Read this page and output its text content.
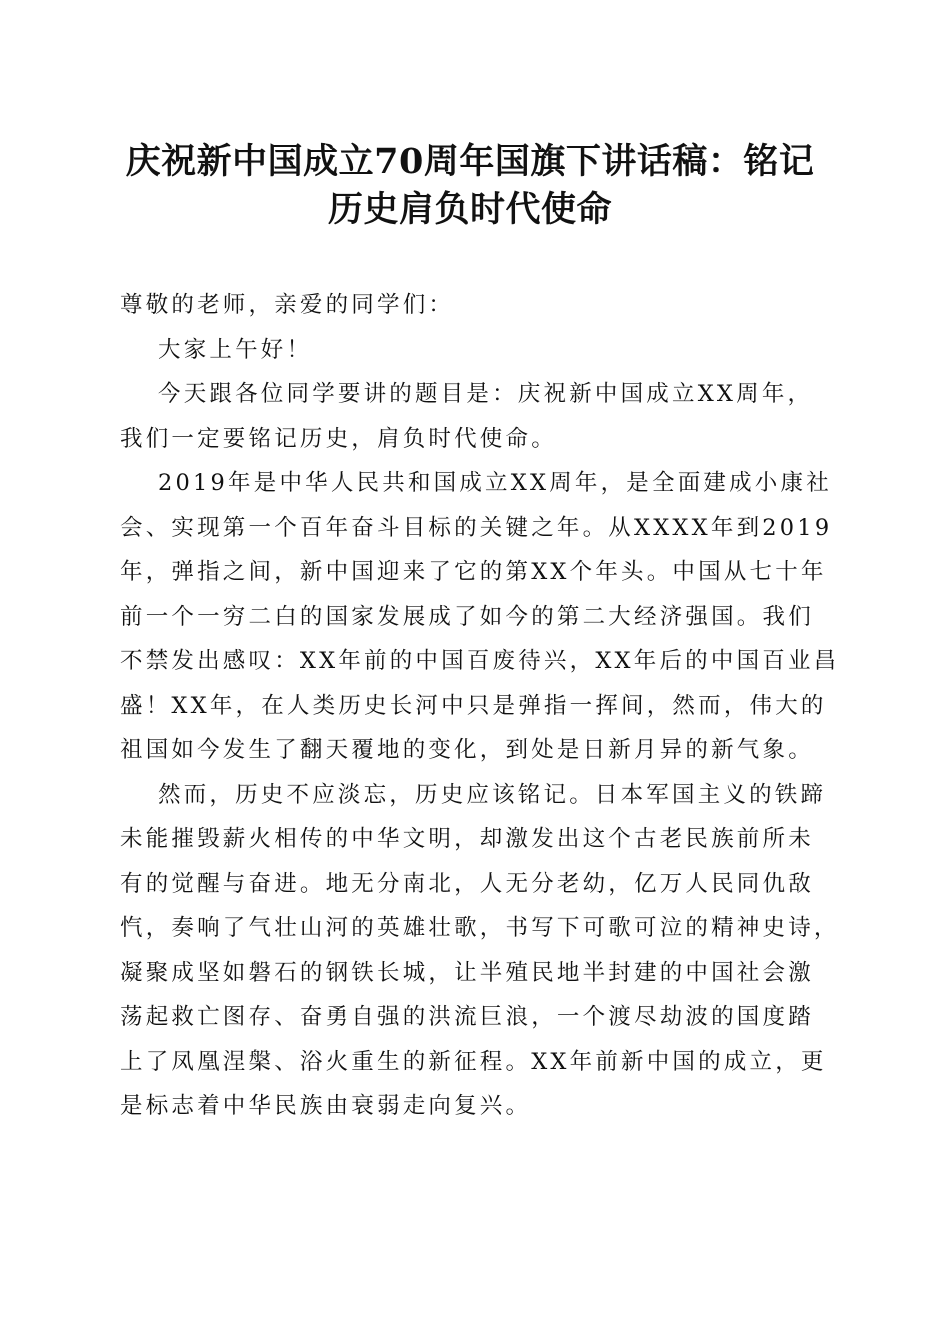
庆祝新中国成立70周年国旗下讲话稿：铭记
历史肩负时代使命
尊敬的老师，亲爱的同学们：
大家上午好！
今天跟各位同学要讲的题目是：庆祝新中国成立XX周年，
我们一定要铭记历史，肩负时代使命。
2019年是中华人民共和国成立XX周年，是全面建成小康社
会、实现第一个百年奋斗目标的关键之年。从XXXX年到2019
年，弹指之间，新中国迎来了它的第XX个年头。中国从七十年
前一个一穷二白的国家发展成了如今的第二大经济强国。我们
不禁发出感叹：XX年前的中国百废待兴，XX年后的中国百业昌
盛！XX年，在人类历史长河中只是弹指一挥间，然而，伟大的
祖国如今发生了翻天覆地的变化，到处是日新月异的新气象。
然而，历史不应淡忘，历史应该铭记。日本军国主义的铁蹄
未能摧毁薪火相传的中华文明，却激发出这个古老民族前所未
有的觉醒与奋进。地无分南北，人无分老幼，亿万人民同仇敌
忾，奏响了气壮山河的英雄壮歌，书写下可歌可泣的精神史诗，
凝聚成坚如磐石的钢铁长城，让半殖民地半封建的中国社会激
荡起救亡图存、奋勇自强的洪流巨浪，一个渡尽劫波的国度踏
上了凤凰涅槃、浴火重生的新征程。XX年前新中国的成立，更
是标志着中华民族由衰弱走向复兴。
